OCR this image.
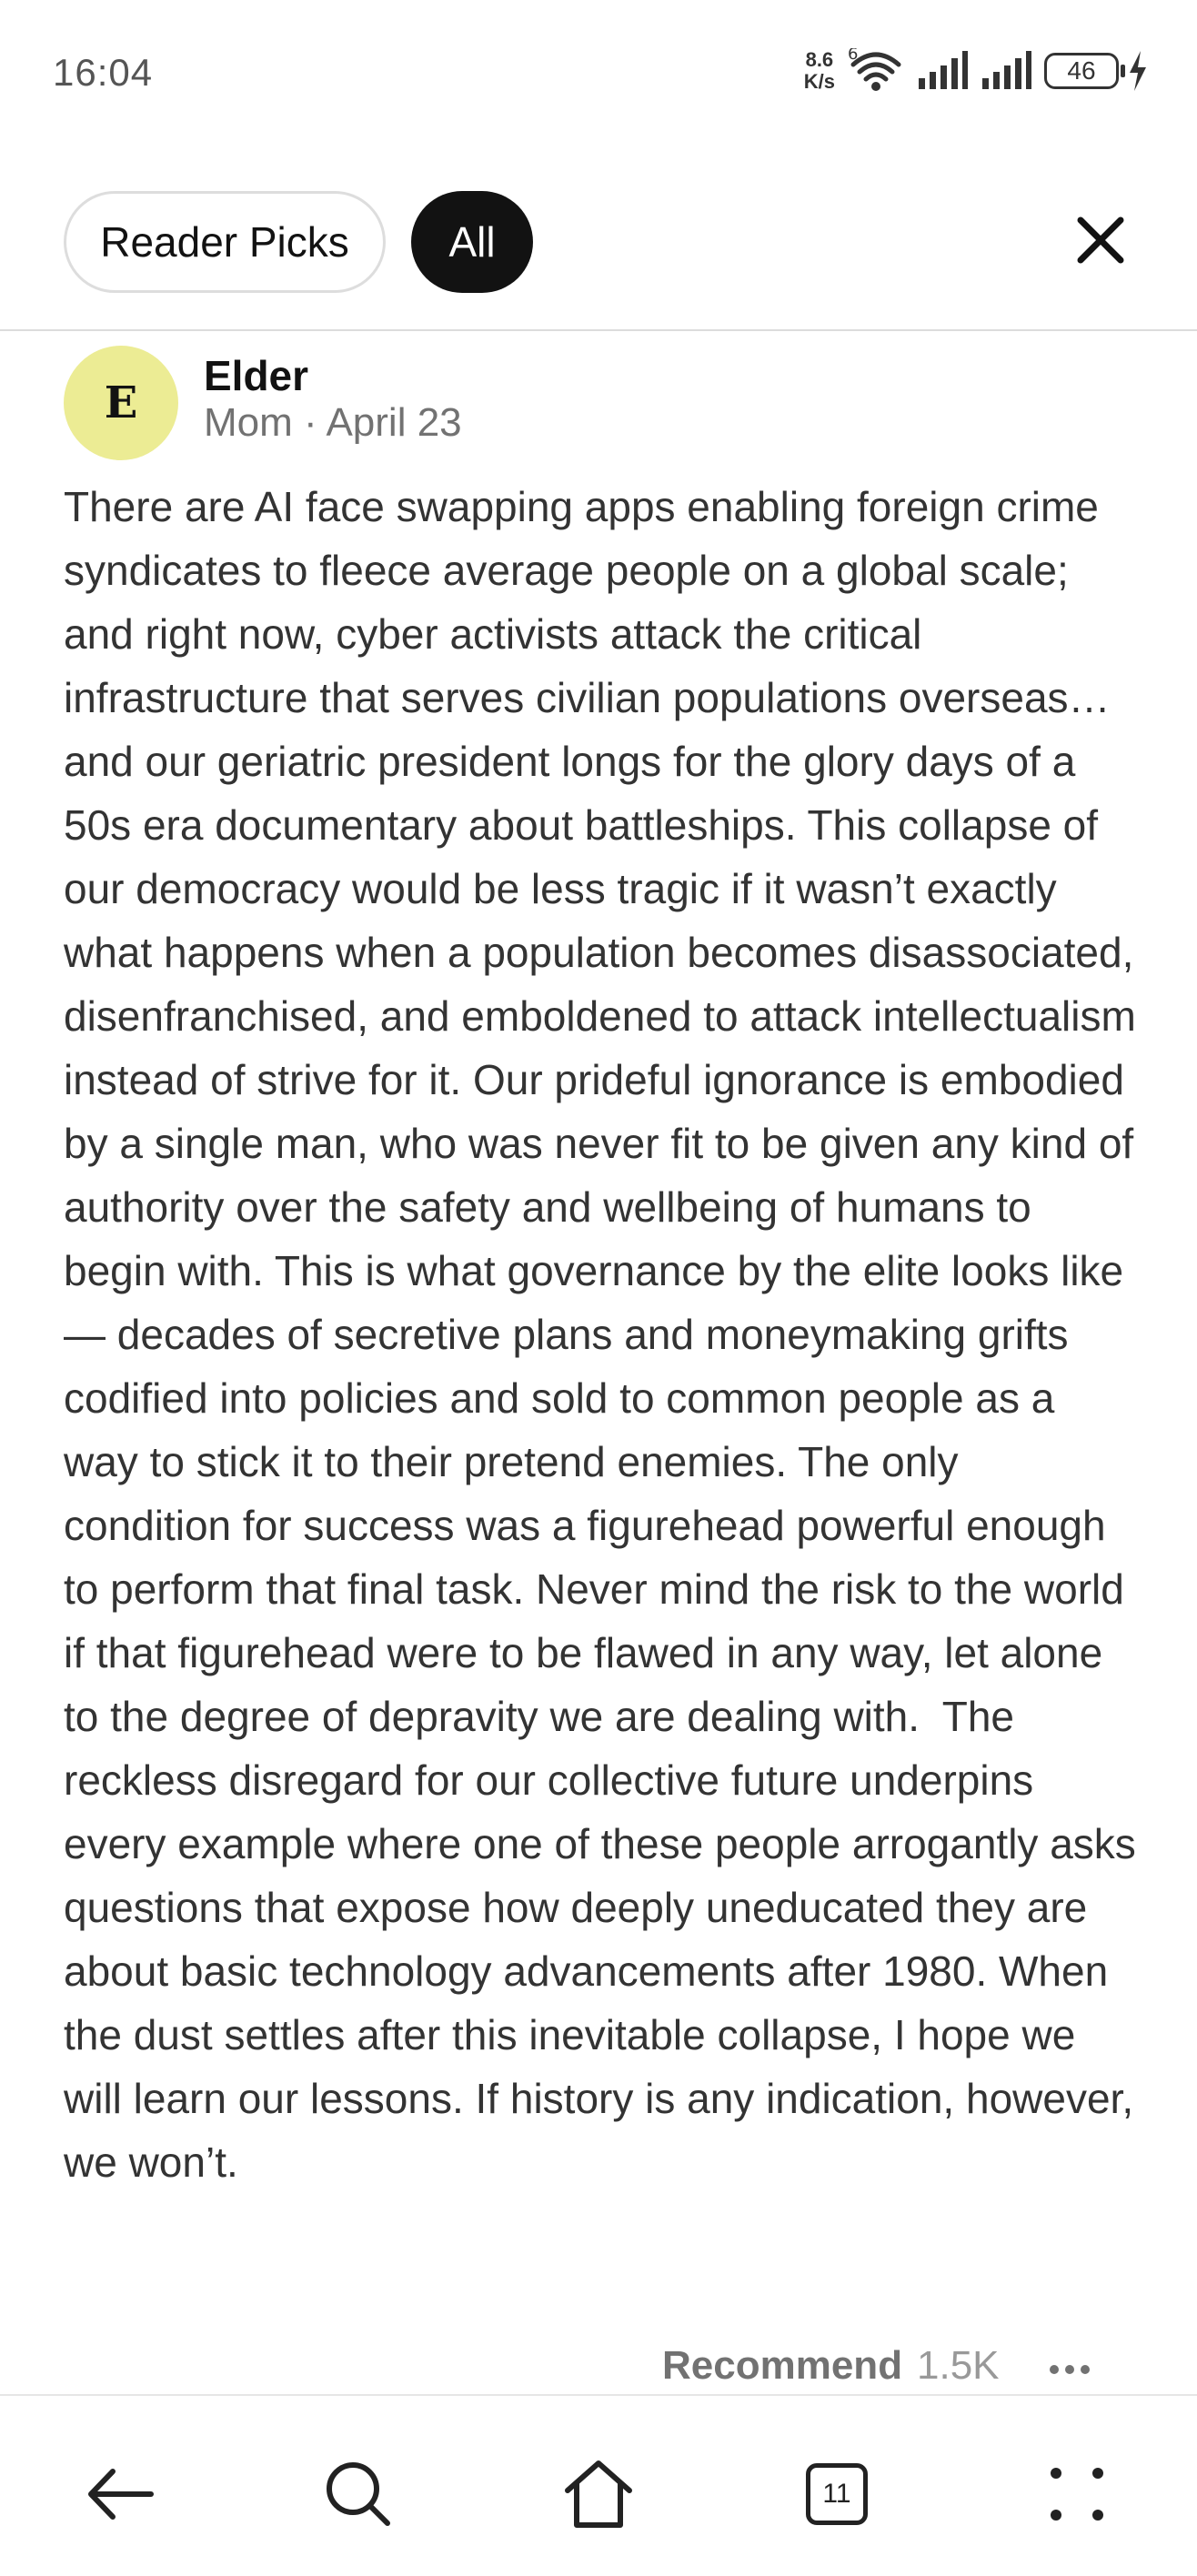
16:04	8.6
K/s
6
46
Reader Picks	All
E
Elder
Mom · April 23
There are AI face swapping apps enabling foreign crime syndicates to fleece average people on a global scale; and right now, cyber activists attack the critical infrastructure that serves civilian populations overseas… and our geriatric president longs for the glory days of a 50s era documentary about battleships. This collapse of our democracy would be less tragic if it wasn’t exactly what happens when a population becomes disassociated, disenfranchised, and emboldened to attack intellectualism instead of strive for it. Our prideful ignorance is embodied by a single man, who was never fit to be given any kind of authority over the safety and wellbeing of humans to begin with. This is what governance by the elite looks like— decades of secretive plans and moneymaking grifts codified into policies and sold to common people as a way to stick it to their pretend enemies. The only condition for success was a figurehead powerful enough to perform that final task. Never mind the risk to the world if that figurehead were to be flawed in any way, let alone to the degree of depravity we are dealing with.  The reckless disregard for our collective future underpins every example where one of these people arrogantly asks questions that expose how deeply uneducated they are about basic technology advancements after 1980. When the dust settles after this inevitable collapse, I hope we will learn our lessons. If history is any indication, however, we won’t.
Recommend 1.5K
11
